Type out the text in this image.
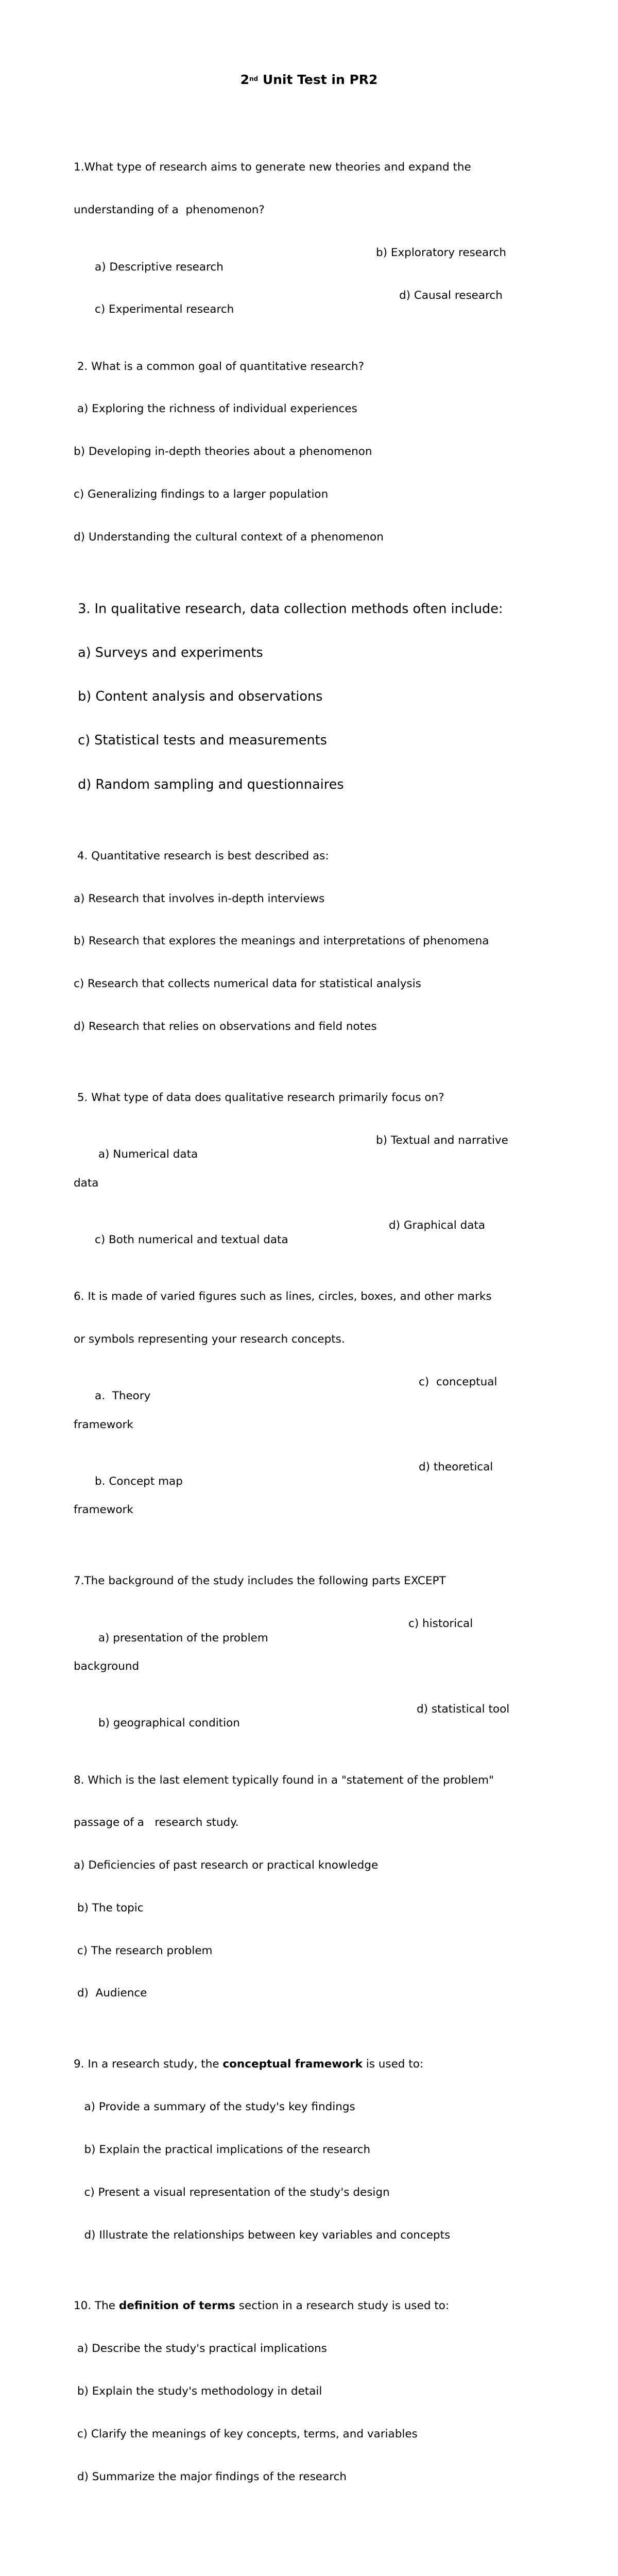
2nd Unit Test in PR2

1.What type of research aims to generate new theories and expand the

understanding of a  phenomenon?

a) Descriptive research

b) Exploratory research

c) Experimental research

d) Causal research

2. What is a common goal of quantitative research?

a) Exploring the richness of individual experiences

b) Developing in-depth theories about a phenomenon

c) Generalizing findings to a larger population

d) Understanding the cultural context of a phenomenon

3. In qualitative research, data collection methods often include:

a) Surveys and experiments

b) Content analysis and observations

c) Statistical tests and measurements

d) Random sampling and questionnaires

4. Quantitative research is best described as:

a) Research that involves in-depth interviews

b) Research that explores the meanings and interpretations of phenomena

c) Research that collects numerical data for statistical analysis

d) Research that relies on observations and field notes

5. What type of data does qualitative research primarily focus on?

a) Numerical data

b) Textual and narrative

data

c) Both numerical and textual data

d) Graphical data

6. It is made of varied figures such as lines, circles, boxes, and other marks

or symbols representing your research concepts.

a.  Theory

c)  conceptual

framework

b. Concept map

d) theoretical

framework

7.The background of the study includes the following parts EXCEPT

a) presentation of the problem

c) historical

background

b) geographical condition

d) statistical tool

8. Which is the last element typically found in a "statement of the problem"

passage of a   research study.

a) Deficiencies of past research or practical knowledge

b) The topic

c) The research problem

d)  Audience

9. In a research study, the conceptual framework is used to:

a) Provide a summary of the study's key findings

b) Explain the practical implications of the research

c) Present a visual representation of the study's design

d) Illustrate the relationships between key variables and concepts

10. The definition of terms section in a research study is used to:

a) Describe the study's practical implications

b) Explain the study's methodology in detail

c) Clarify the meanings of key concepts, terms, and variables

d) Summarize the major findings of the research
